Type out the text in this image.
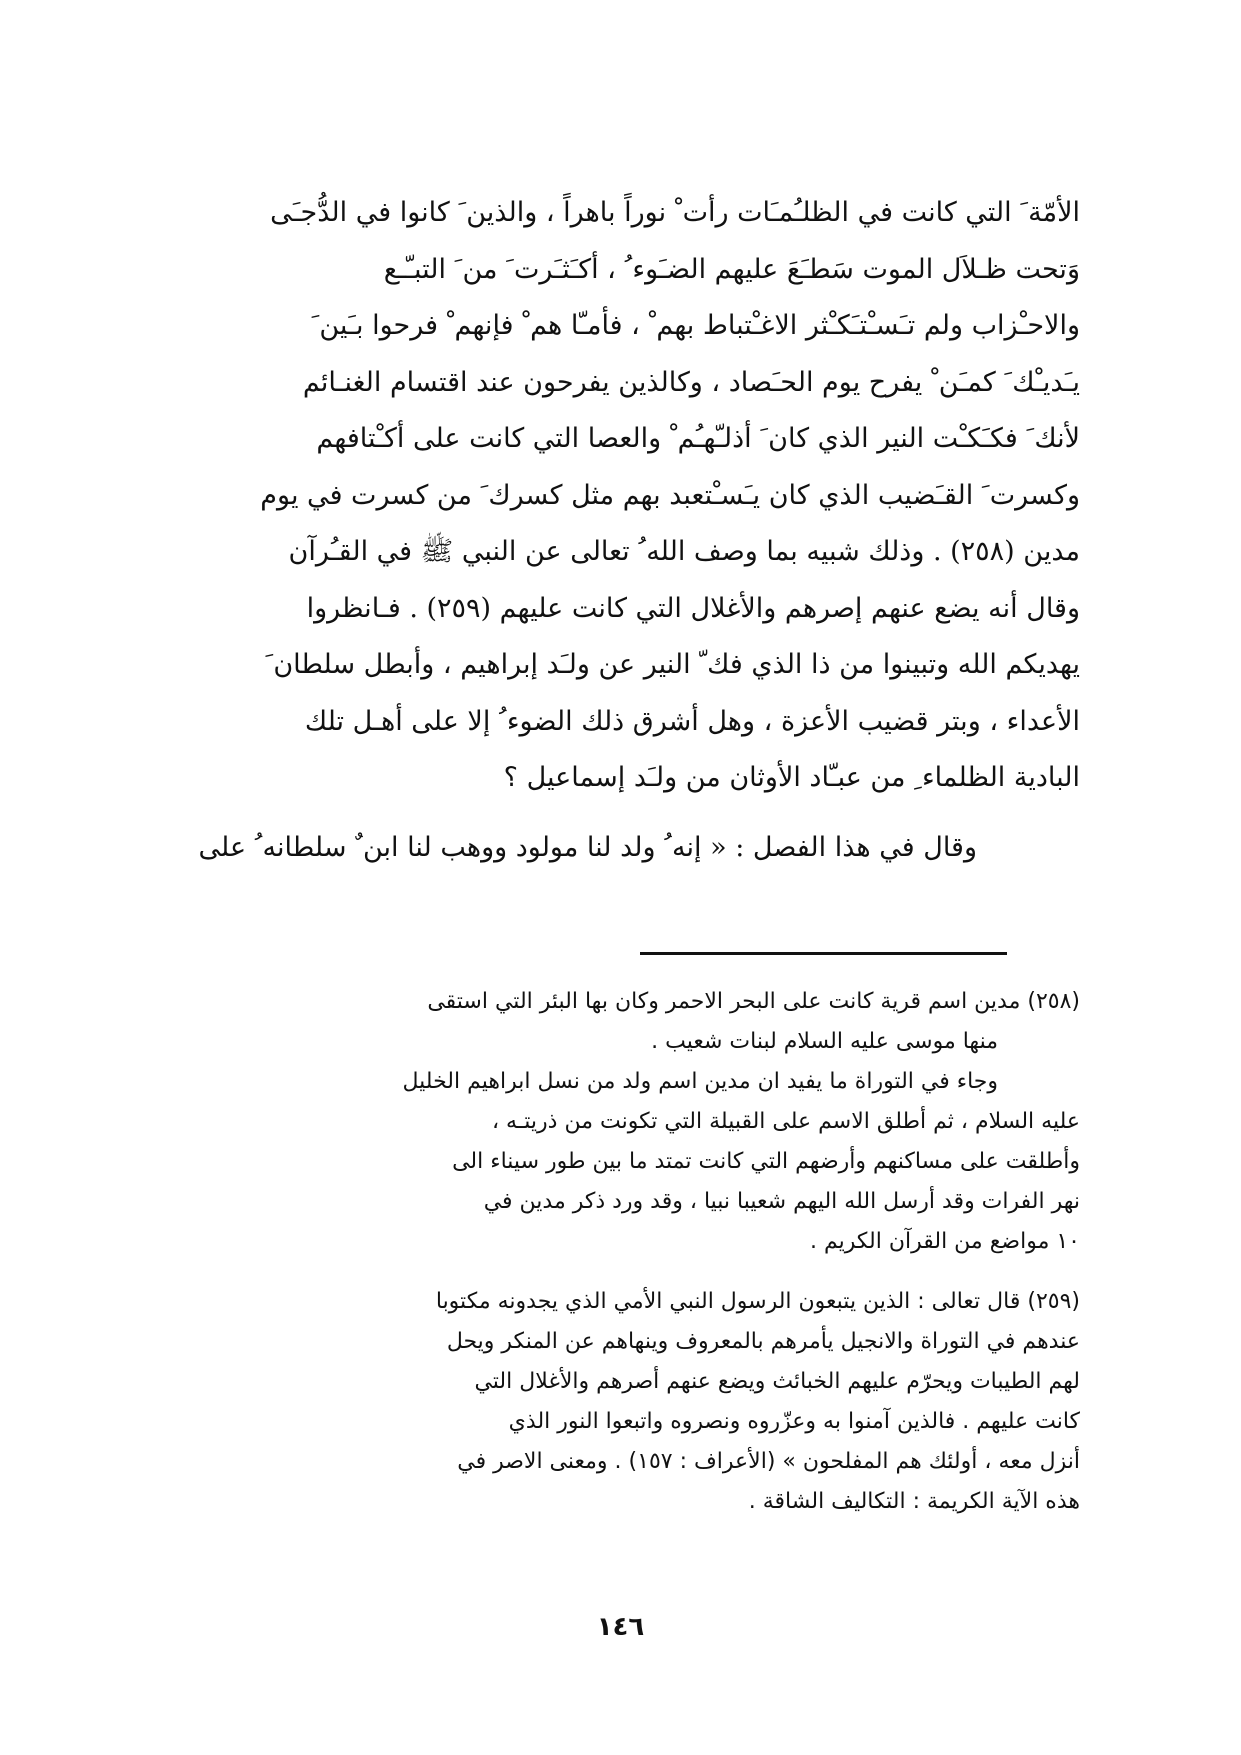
الأمّة َ التي كانت في الظلـُمـَات رأت ْ نوراً باهراً ، والذين َ كانوا في الدُّجـَى
وَتحت ظـلاَل الموت سَطـَعَ عليهم الضـَوء ُ ، أكـَثـَرت َ من َ التبـّـع
والاحـْزاب ولم تـَسـْتـَكـْثر الاغـْتباط بهم ْ ، فأمـّا هم ْ فإنهم ْ فرحوا بـَين َ
يـَديـْك َ كمـَن ْ يفرح يوم الحـَصاد ، وكالذين يفرحون عند اقتسام الغنـائم
لأنك َ فكـَكـْت النير الذي كان َ أذلـّهـُم ْ والعصا التي كانت على أكـْتافهم
وكسرت َ القـَضيب الذي كان يـَسـْتعبد بهم مثل كسرك َ من كسرت في يوم
مدين (٢٥٨) . وذلك شبيه بما وصف الله ُ تعالى عن النبي ﷺ في القـُرآن
وقال أنه يضع عنهم إصرهم والأغلال التي كانت عليهم (٢٥٩) . فـانظروا
يهديكم الله وتبينوا من ذا الذي فك ّ النير عن ولـَد إبراهيم ، وأبطل سلطان َ
الأعداء ، وبتر قضيب الأعزة ، وهل أشرق ذلك الضوء ُ إلا على أهـل تلك
البادية الظلماء ِ من عبـّاد الأوثان من ولـَد إسماعيل ؟
وقال في هذا الفصل : « إنه ُ ولد لنا مولود ووهب لنا ابن ٌ سلطانه ُ على
(٢٥٨) مدين اسم قرية كانت على البحر الاحمر وكان بها البئر التي استقى
منها موسى عليه السلام لبنات شعيب .
وجاء في التوراة ما يفيد ان مدين اسم ولد من نسل ابراهيم الخليل
عليه السلام ، ثم أطلق الاسم على القبيلة التي تكونت من ذريتـه ،
وأطلقت على مساكنهم وأرضهم التي كانت تمتد ما بين طور سيناء الى
نهر الفرات وقد أرسل الله اليهم شعيبا نبيا ، وقد ورد ذكر مدين في
١٠ مواضع من القرآن الكريم .
(٢٥٩) قال تعالى : الذين يتبعون الرسول النبي الأمي الذي يجدونه مكتوبا
عندهم في التوراة والانجيل يأمرهم بالمعروف وينهاهم عن المنكر ويحل
لهم الطيبات ويحرّم عليهم الخبائث ويضع عنهم أصرهم والأغلال التي
كانت عليهم . فالذين آمنوا به وعزّروه ونصروه واتبعوا النور الذي
أنزل معه ، أولئك هم المفلحون » (الأعراف : ١٥٧) . ومعنى الاصر في
هذه الآية الكريمة : التكاليف الشاقة .
١٤٦
